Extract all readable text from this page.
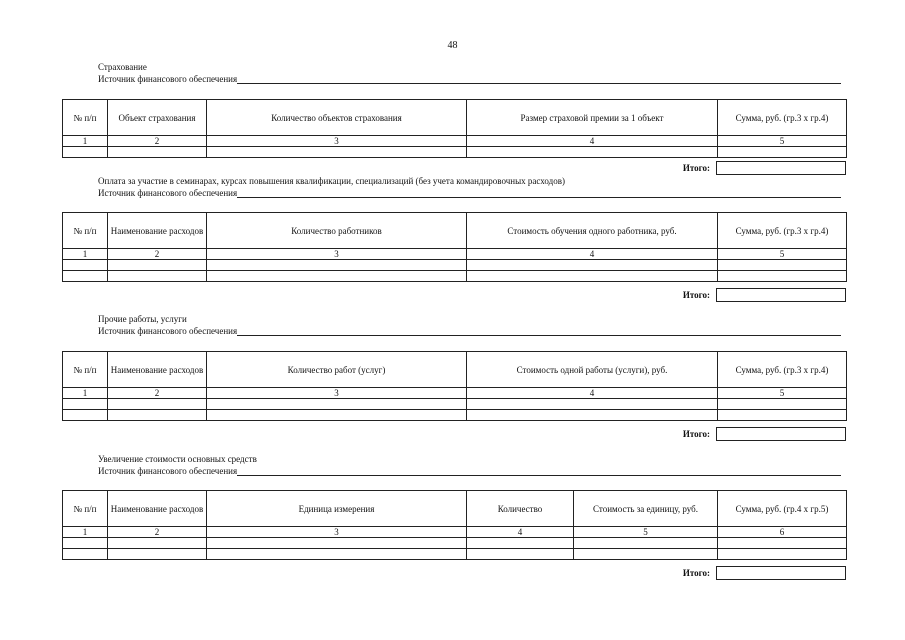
48
Страхование
Источник финансового обеспечения
№ п/п	Объект страхования	Количество объектов страхования	Размер страховой премии за 1 объект	Сумма, руб. (гр.3 х гр.4)
1	2	3	4	5

Итого:
Оплата за участие в семинарах, курсах повышения квалификации, специализаций (без учета командировочных расходов)
Источник финансового обеспечения
№ п/п	Наименование расходов	Количество работников	Стоимость обучения одного работника, руб.	Сумма, руб. (гр.3 х гр.4)
1	2	3	4	5

Итого:
Прочие работы, услуги
Источник финансового обеспечения
№ п/п	Наименование расходов	Количество работ (услуг)	Стоимость одной работы (услуги), руб.	Сумма, руб. (гр.3 х гр.4)
1	2	3	4	5

Итого:
Увеличение стоимости основных средств
Источник финансового обеспечения
№ п/п	Наименование расходов	Единица измерения	Количество	Стоимость за единицу, руб.	Сумма, руб. (гр.4 х гр.5)
1	2	3	4	5	6

Итого:
